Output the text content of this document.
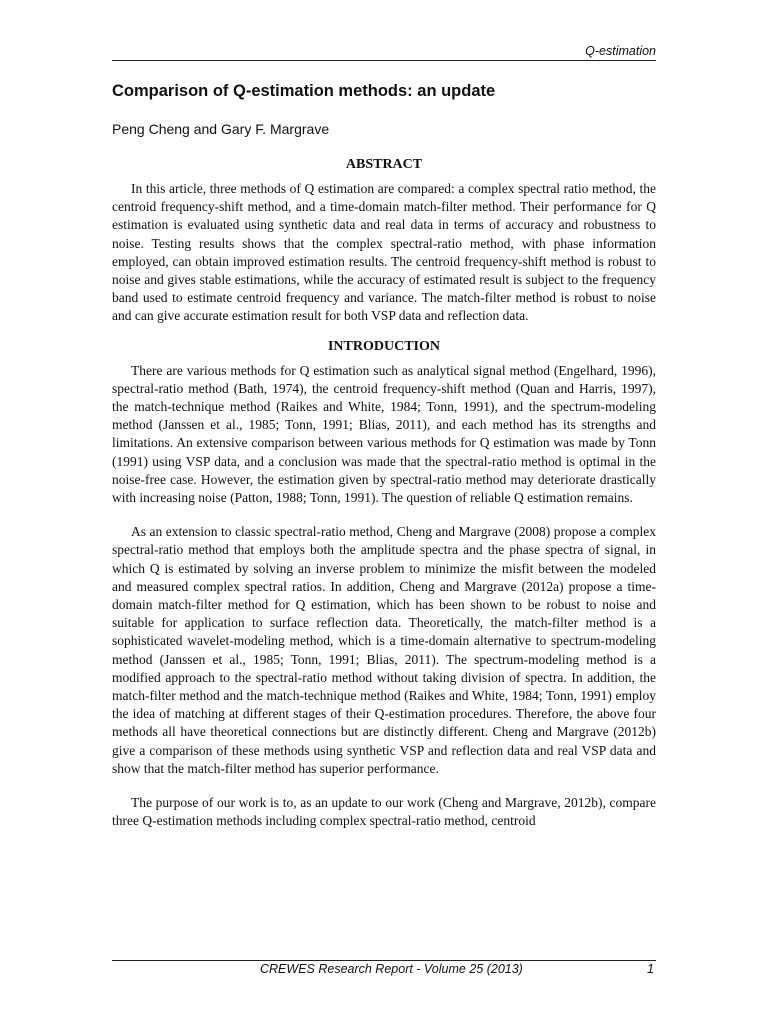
Q-estimation
Comparison of Q-estimation methods: an update

Peng Cheng and Gary F. Margrave

ABSTRACT

In this article, three methods of Q estimation are compared: a complex spectral ratio method, the centroid frequency-shift method, and a time-domain match-filter method. Their performance for Q estimation is evaluated using synthetic data and real data in terms of accuracy and robustness to noise. Testing results shows that the complex spectral-ratio method, with phase information employed, can obtain improved estimation results. The centroid frequency-shift method is robust to noise and gives stable estimations, while the accuracy of estimated result is subject to the frequency band used to estimate centroid frequency and variance. The match-filter method is robust to noise and can give accurate estimation result for both VSP data and reflection data.

INTRODUCTION

There are various methods for Q estimation such as analytical signal method (Engelhard, 1996), spectral-ratio method (Bath, 1974), the centroid frequency-shift method (Quan and Harris, 1997), the match-technique method (Raikes and White, 1984; Tonn, 1991), and the spectrum-modeling method (Janssen et al., 1985; Tonn, 1991; Blias, 2011), and each method has its strengths and limitations. An extensive comparison between various methods for Q estimation was made by Tonn (1991) using VSP data, and a conclusion was made that the spectral-ratio method is optimal in the noise-free case. However, the estimation given by spectral-ratio method may deteriorate drastically with increasing noise (Patton, 1988; Tonn, 1991). The question of reliable Q estimation remains.

As an extension to classic spectral-ratio method, Cheng and Margrave (2008) propose a complex spectral-ratio method that employs both the amplitude spectra and the phase spectra of signal, in which Q is estimated by solving an inverse problem to minimize the misfit between the modeled and measured complex spectral ratios. In addition, Cheng and Margrave (2012a) propose a time-domain match-filter method for Q estimation, which has been shown to be robust to noise and suitable for application to surface reflection data. Theoretically, the match-filter method is a sophisticated wavelet-modeling method, which is a time-domain alternative to spectrum-modeling method (Janssen et al., 1985; Tonn, 1991; Blias, 2011). The spectrum-modeling method is a modified approach to the spectral-ratio method without taking division of spectra. In addition, the match-filter method and the match-technique method (Raikes and White, 1984; Tonn, 1991) employ the idea of matching at different stages of their Q-estimation procedures. Therefore, the above four methods all have theoretical connections but are distinctly different. Cheng and Margrave (2012b) give a comparison of these methods using synthetic VSP and reflection data and real VSP data and show that the match-filter method has superior performance.

The purpose of our work is to, as an update to our work (Cheng and Margrave, 2012b), compare three Q-estimation methods including complex spectral-ratio method, centroid

CREWES Research Report - Volume 25 (2013)	1
